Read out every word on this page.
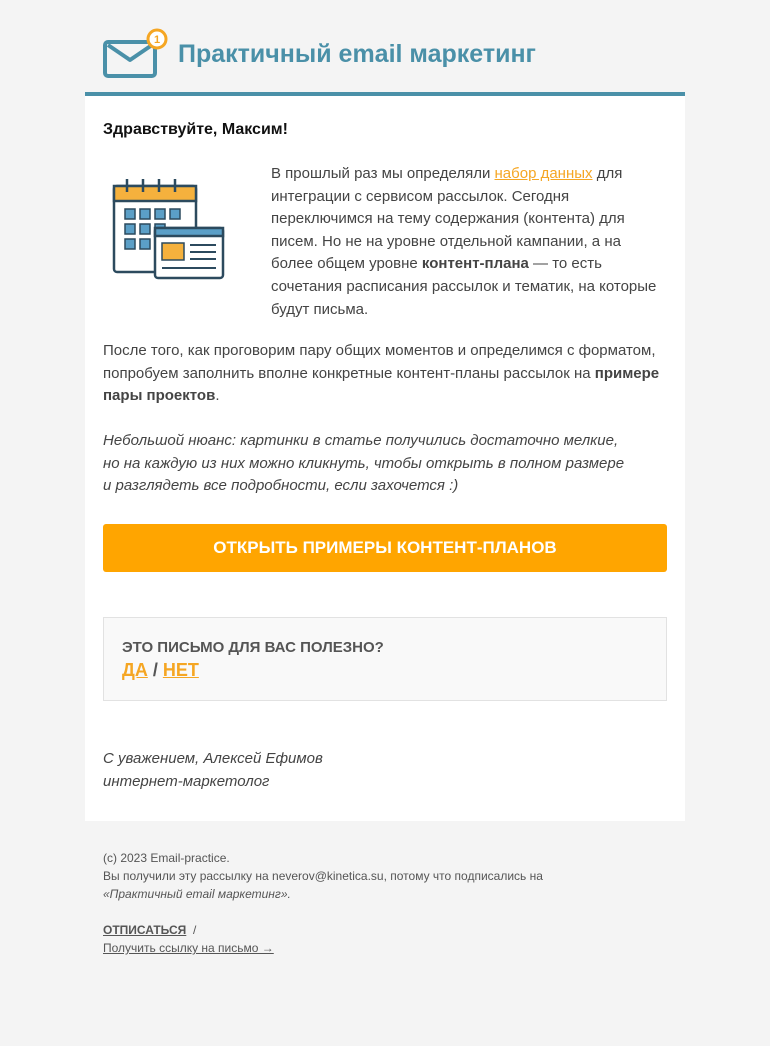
1 Практичный email маркетинг
Здравствуйте, Максим!
В прошлый раз мы определяли набор данных для интеграции с сервисом рассылок. Сегодня переключимся на тему содержания (контента) для писем. Но не на уровне отдельной кампании, а на более общем уровне контент-плана — то есть сочетания расписания рассылок и тематик, на которые будут письма.
После того, как проговорим пару общих моментов и определимся с форматом, попробуем заполнить вполне конкретные контент-планы рассылок на примере пары проектов.
Небольшой нюанс: картинки в статье получились достаточно мелкие,
но на каждую из них можно кликнуть, чтобы открыть в полном размере
и разглядеть все подробности, если захочется :)
ОТКРЫТЬ ПРИМЕРЫ КОНТЕНТ-ПЛАНОВ
ЭТО ПИСЬМО ДЛЯ ВАС ПОЛЕЗНО?
ДА / НЕТ
С уважением, Алексей Ефимов
интернет-маркетолог
(c) 2023 Email-practice.
Вы получили эту рассылку на neverov@kinetica.su, потому что подписались на
«Практичный email маркетинг».
ОТПИСАТЬСЯ /
Получить ссылку на письмо →
